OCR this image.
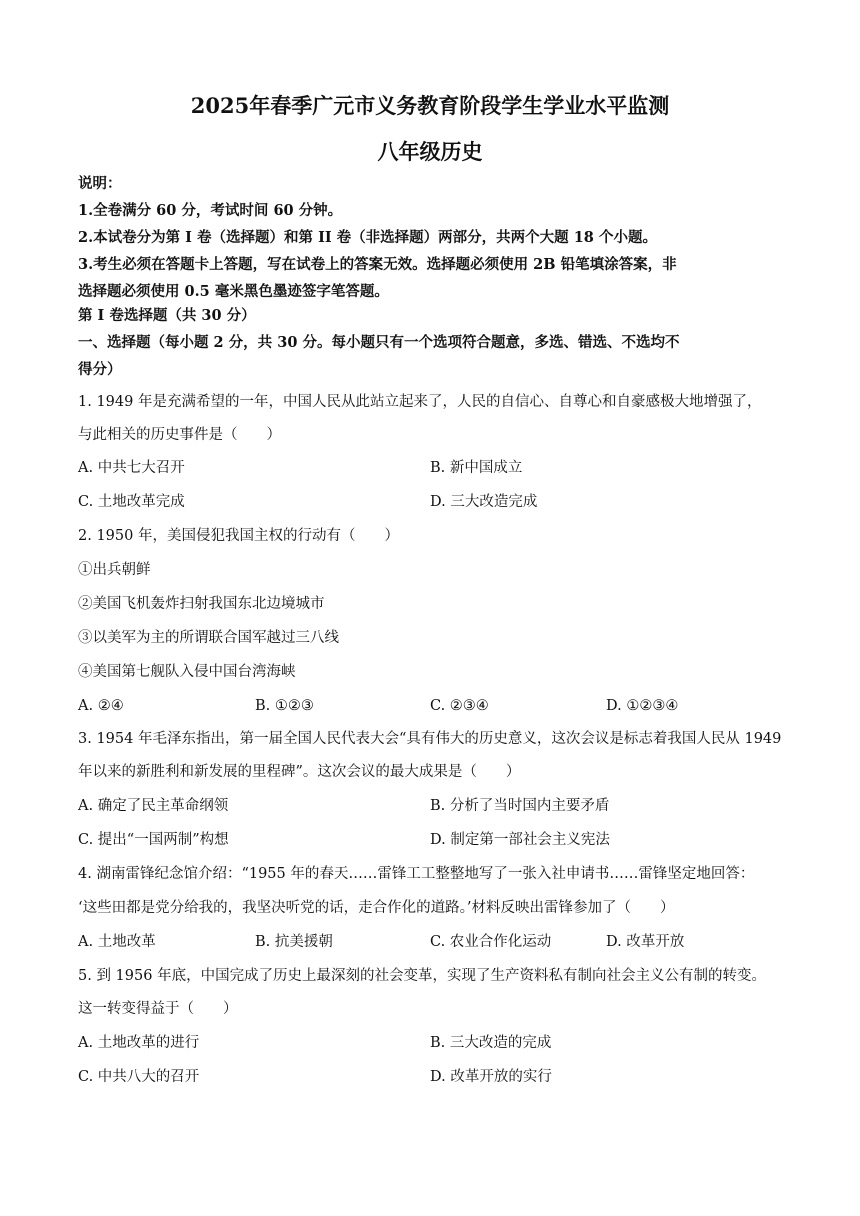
2025年春季广元市义务教育阶段学生学业水平监测
八年级历史
说明：
1.全卷满分 60 分，考试时间 60 分钟。
2.本试卷分为第 I 卷（选择题）和第 II 卷（非选择题）两部分，共两个大题 18 个小题。
3.考生必须在答题卡上答题，写在试卷上的答案无效。选择题必须使用 2B 铅笔填涂答案，非
选择题必须使用 0.5 毫米黑色墨迹签字笔答题。
第 I 卷选择题（共 30 分）
一、选择题（每小题 2 分，共 30 分。每小题只有一个选项符合题意，多选、错选、不选均不
得分）
1. 1949 年是充满希望的一年，中国人民从此站立起来了，人民的自信心、自尊心和自豪感极大地增强了，
与此相关的历史事件是（　　）
A. 中共七大召开	B. 新中国成立
C. 土地改革完成	D. 三大改造完成
2. 1950 年，美国侵犯我国主权的行动有（　　）
①出兵朝鲜
②美国飞机轰炸扫射我国东北边境城市
③以美军为主的所谓联合国军越过三八线
④美国第七舰队入侵中国台湾海峡
A. ②④	B. ①②③	C. ②③④	D. ①②③④
3. 1954 年毛泽东指出，第一届全国人民代表大会“具有伟大的历史意义，这次会议是标志着我国人民从 1949
年以来的新胜利和新发展的里程碑”。这次会议的最大成果是（　　）
A. 确定了民主革命纲领	B. 分析了当时国内主要矛盾
C. 提出“一国两制”构想	D. 制定第一部社会主义宪法
4. 湖南雷锋纪念馆介绍：“1955 年的春天……雷锋工工整整地写了一张入社申请书……雷锋坚定地回答：
‘这些田都是党分给我的，我坚决听党的话，走合作化的道路。’材料反映出雷锋参加了（　　）
A. 土地改革	B. 抗美援朝	C. 农业合作化运动	D. 改革开放
5. 到 1956 年底，中国完成了历史上最深刻的社会变革，实现了生产资料私有制向社会主义公有制的转变。
这一转变得益于（　　）
A. 土地改革的进行	B. 三大改造的完成
C. 中共八大的召开	D. 改革开放的实行
